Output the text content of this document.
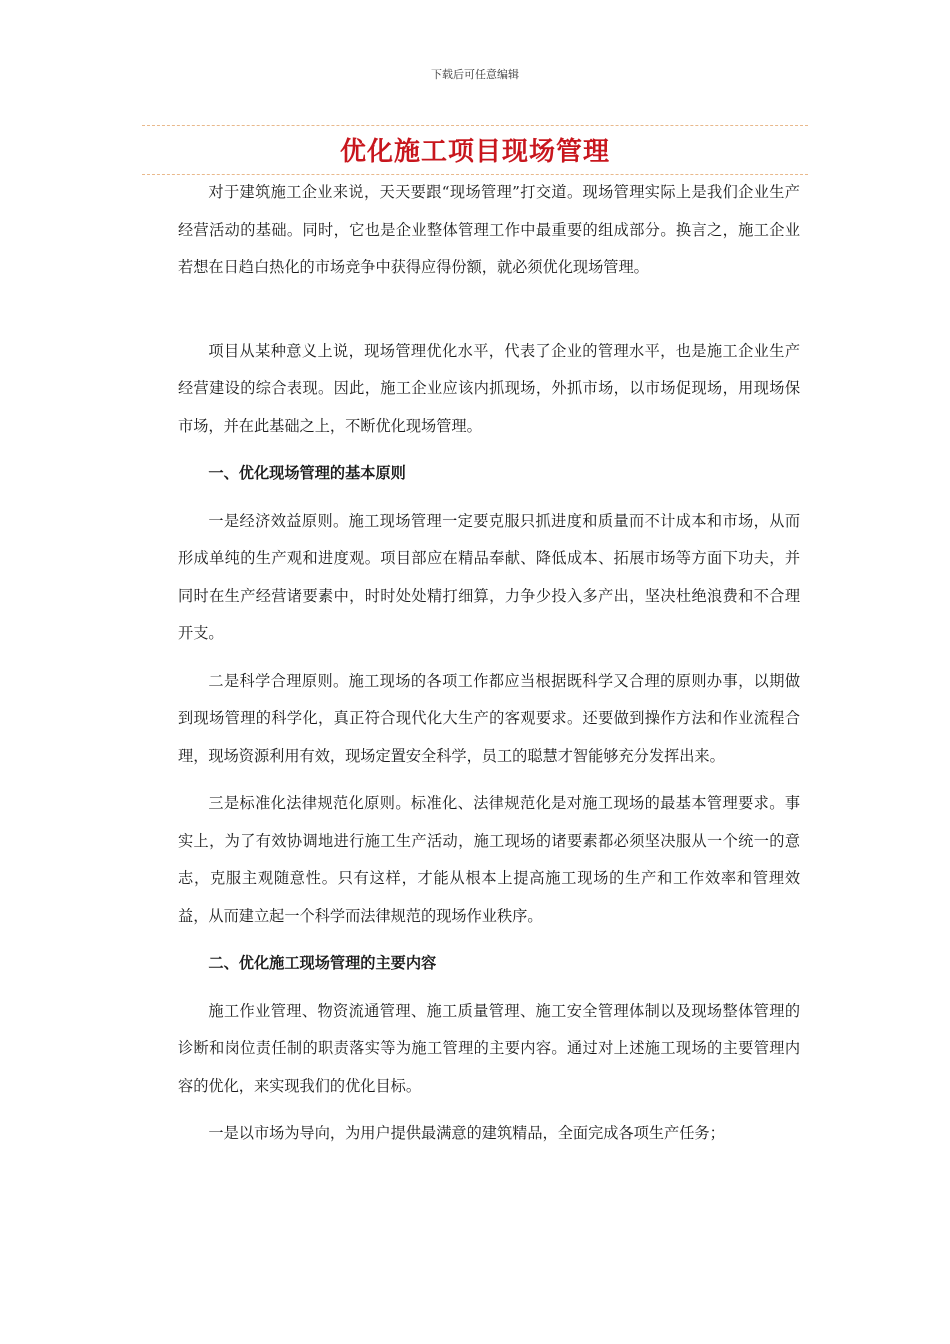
下载后可任意编辑
优化施工项目现场管理

对于建筑施工企业来说，天天要跟“现场管理”打交道。现场管理实际上是我们企业生产经营活动的基础。同时，它也是企业整体管理工作中最重要的组成部分。换言之，施工企业若想在日趋白热化的市场竞争中获得应得份额，就必须优化现场管理。

项目从某种意义上说，现场管理优化水平，代表了企业的管理水平，也是施工企业生产经营建设的综合表现。因此，施工企业应该内抓现场，外抓市场，以市场促现场，用现场保市场，并在此基础之上，不断优化现场管理。

一、优化现场管理的基本原则

一是经济效益原则。施工现场管理一定要克服只抓进度和质量而不计成本和市场，从而形成单纯的生产观和进度观。项目部应在精品奉献、降低成本、拓展市场等方面下功夫，并同时在生产经营诸要素中，时时处处精打细算，力争少投入多产出，坚决杜绝浪费和不合理开支。

二是科学合理原则。施工现场的各项工作都应当根据既科学又合理的原则办事，以期做到现场管理的科学化，真正符合现代化大生产的客观要求。还要做到操作方法和作业流程合理，现场资源利用有效，现场定置安全科学，员工的聪慧才智能够充分发挥出来。

三是标准化法律规范化原则。标准化、法律规范化是对施工现场的最基本管理要求。事实上，为了有效协调地进行施工生产活动，施工现场的诸要素都必须坚决服从一个统一的意志，克服主观随意性。只有这样，才能从根本上提高施工现场的生产和工作效率和管理效益，从而建立起一个科学而法律规范的现场作业秩序。

二、优化施工现场管理的主要内容

施工作业管理、物资流通管理、施工质量管理、施工安全管理体制以及现场整体管理的诊断和岗位责任制的职责落实等为施工管理的主要内容。通过对上述施工现场的主要管理内容的优化，来实现我们的优化目标。

一是以市场为导向，为用户提供最满意的建筑精品，全面完成各项生产任务；
